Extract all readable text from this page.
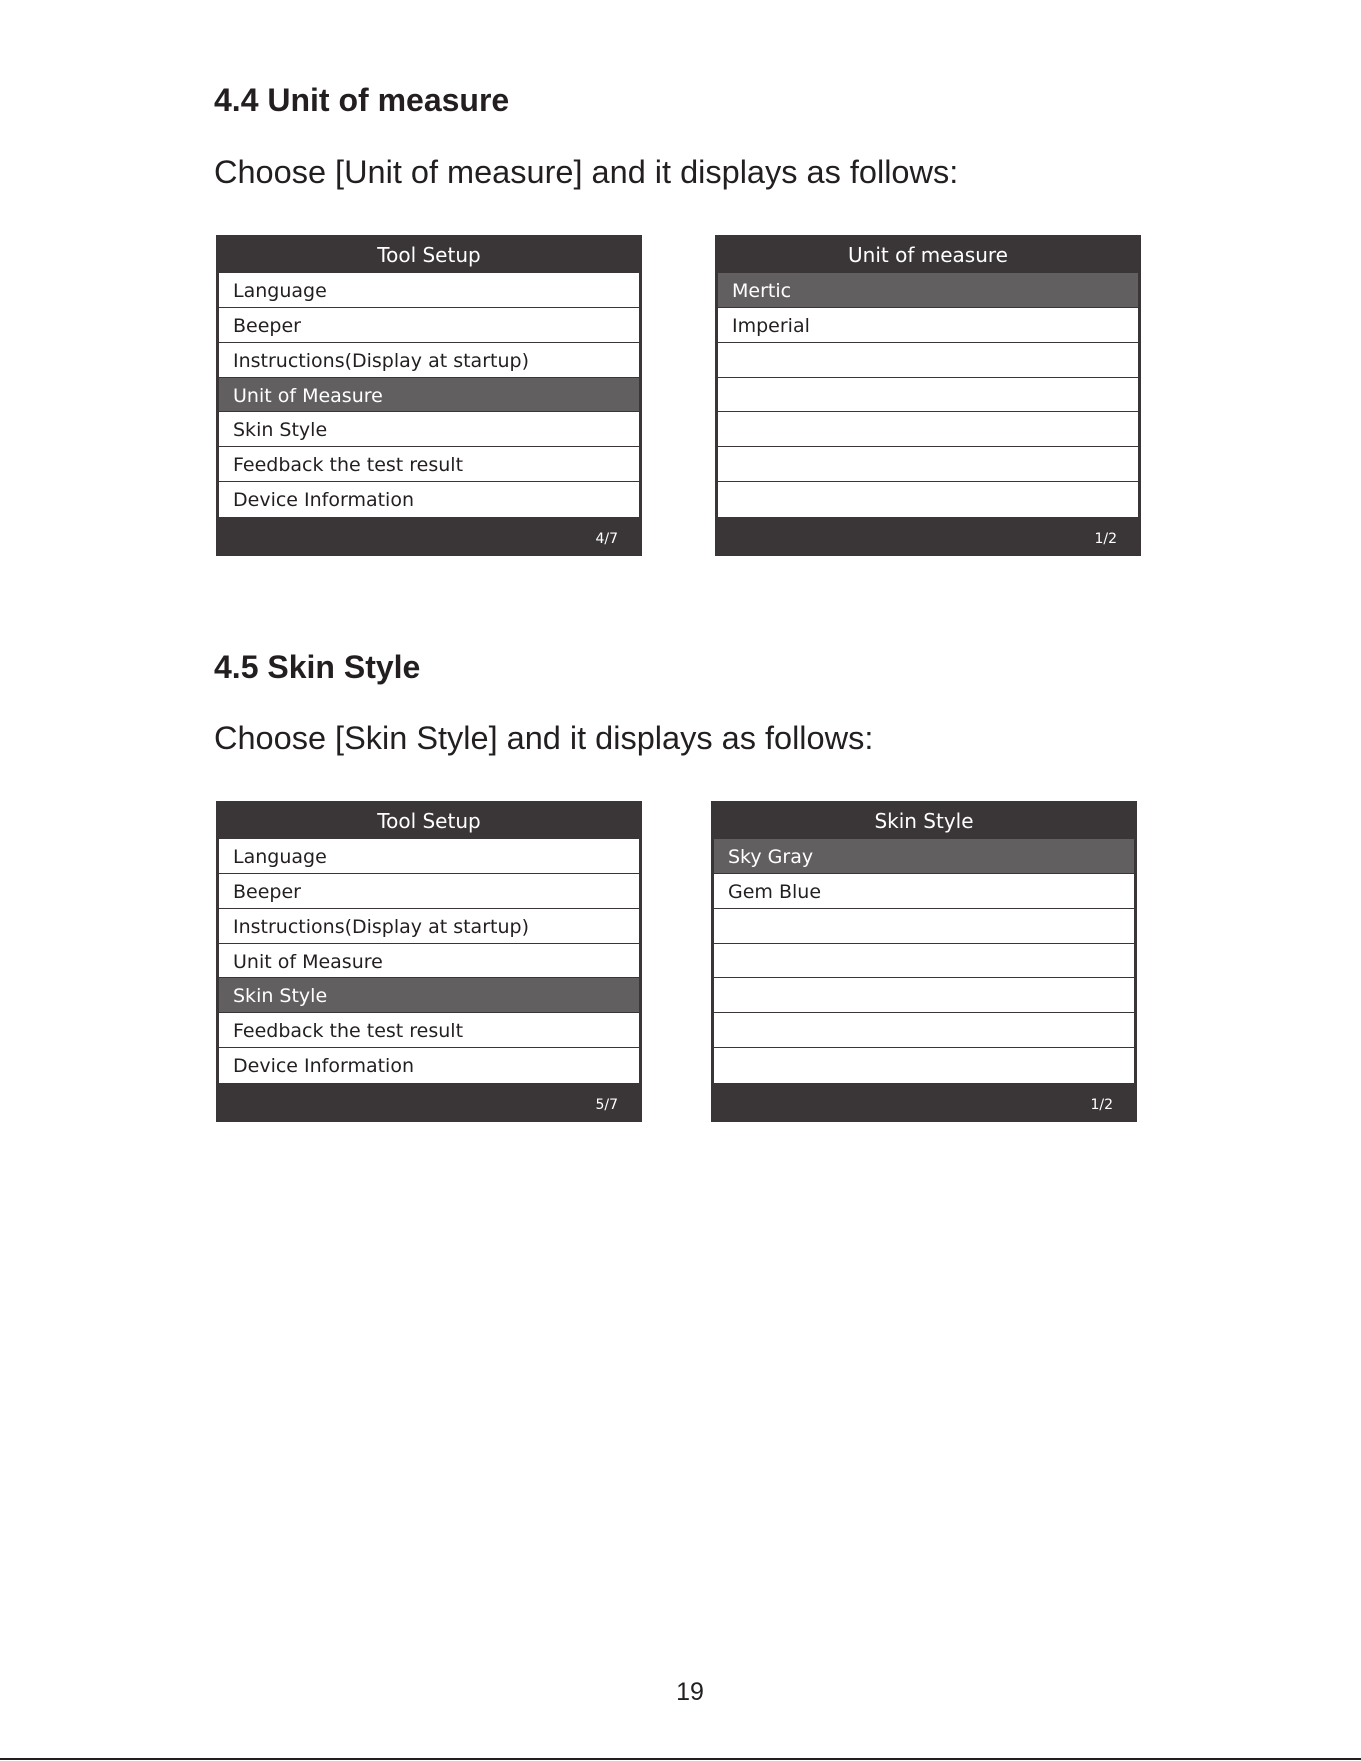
4.4 Unit of measure

Choose [Unit of measure] and it displays as follows:

Tool Setup
Language
Beeper
Instructions(Display at startup)
Unit of Measure
Skin Style
Feedback the test result
Device Information
4/7
Unit of measure
Mertic
Imperial
1/2
4.5 Skin Style

Choose [Skin Style] and it displays as follows:

Tool Setup
Language
Beeper
Instructions(Display at startup)
Unit of Measure
Skin Style
Feedback the test result
Device Information
5/7
Skin Style
Sky Gray
Gem Blue
1/2
19
